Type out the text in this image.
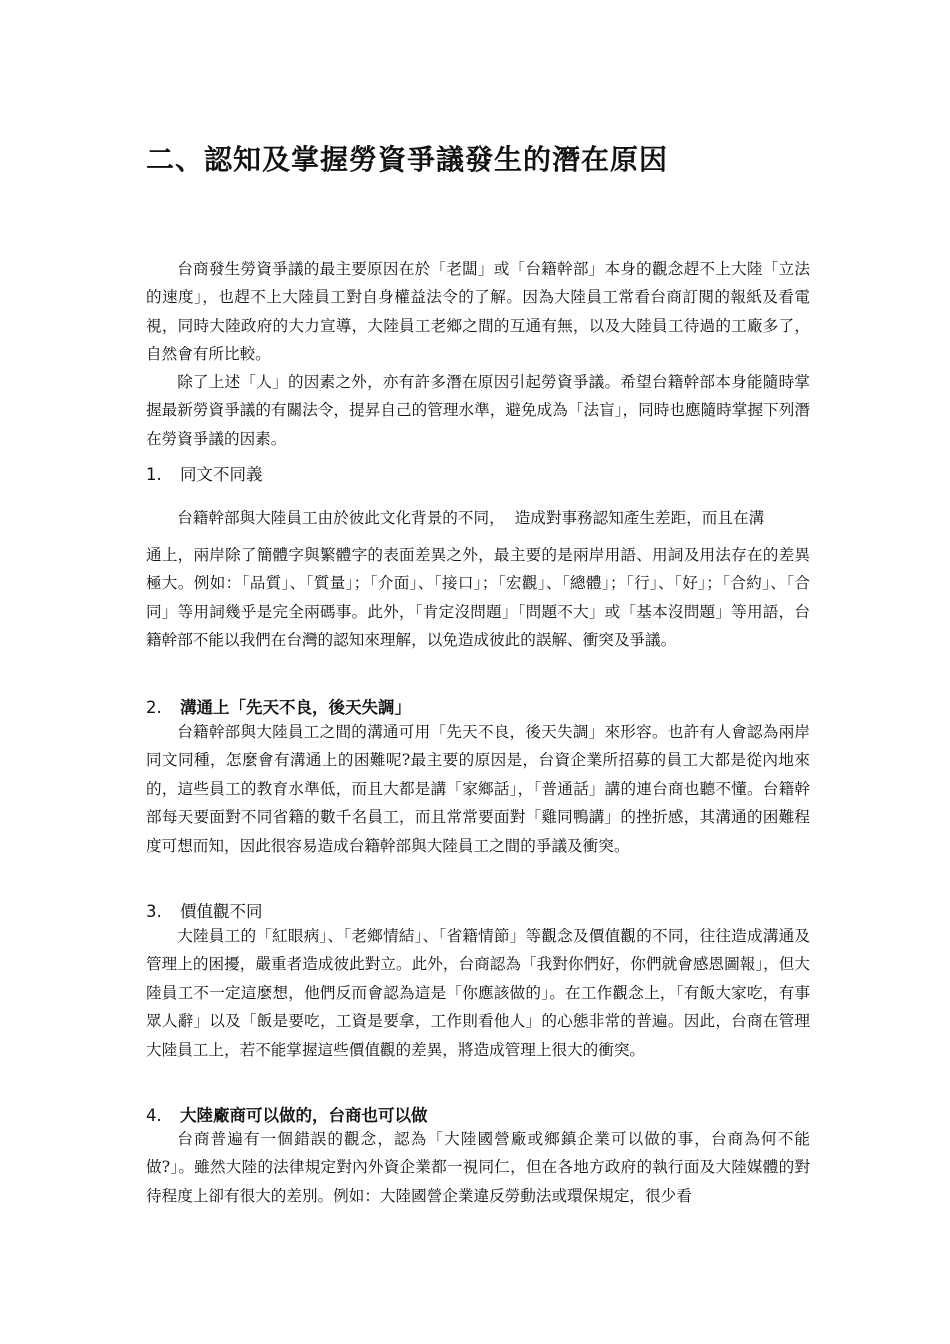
二、認知及掌握勞資爭議發生的潛在原因

台商發生勞資爭議的最主要原因在於「老闆」或「台籍幹部」本身的觀念趕不上大陸「立法的速度」，也趕不上大陸員工對自身權益法令的了解。因為大陸員工常看台商訂閱的報紙及看電視，同時大陸政府的大力宣導，大陸員工老鄉之間的互通有無，以及大陸員工待過的工廠多了，自然會有所比較。

除了上述「人」的因素之外，亦有許多潛在原因引起勞資爭議。希望台籍幹部本身能隨時掌握最新勞資爭議的有關法令，提昇自己的管理水準，避免成為「法盲」，同時也應隨時掌握下列潛在勞資爭議的因素。

1. 同文不同義

台籍幹部與大陸員工由於彼此文化背景的不同， 造成對事務認知產生差距，而且在溝

通上，兩岸除了簡體字與繁體字的表面差異之外，最主要的是兩岸用語、用詞及用法存在的差異極大。例如：「品質」、「質量」；「介面」、「接口」；「宏觀」、「總體」；「行」、「好」；「合約」、「合同」等用詞幾乎是完全兩碼事。此外，「肯定沒問題」「問題不大」或「基本沒問題」等用語，台籍幹部不能以我們在台灣的認知來理解，以免造成彼此的誤解、衝突及爭議。

2. 溝通上「先天不良，後天失調」

台籍幹部與大陸員工之間的溝通可用「先天不良，後天失調」來形容。也許有人會認為兩岸同文同種，怎麼會有溝通上的困難呢?最主要的原因是，台資企業所招募的員工大都是從內地來的，這些員工的教育水準低，而且大都是講「家鄉話」，「普通話」講的連台商也聽不懂。台籍幹部每天要面對不同省籍的數千名員工，而且常常要面對「雞同鴨講」的挫折感，其溝通的困難程度可想而知，因此很容易造成台籍幹部與大陸員工之間的爭議及衝突。

3. 價值觀不同

大陸員工的「紅眼病」、「老鄉情結」、「省籍情節」等觀念及價值觀的不同，往往造成溝通及管理上的困擾，嚴重者造成彼此對立。此外，台商認為「我對你們好，你們就會感恩圖報」，但大陸員工不一定這麼想，他們反而會認為這是「你應該做的」。在工作觀念上，「有飯大家吃，有事眾人辭」以及「飯是要吃，工資是要拿，工作則看他人」的心態非常的普遍。因此，台商在管理大陸員工上，若不能掌握這些價值觀的差異，將造成管理上很大的衝突。

4. 大陸廠商可以做的，台商也可以做

台商普遍有一個錯誤的觀念，認為「大陸國營廠或鄉鎮企業可以做的事，台商為何不能做?」。雖然大陸的法律規定對內外資企業都一視同仁，但在各地方政府的執行面及大陸媒體的對待程度上卻有很大的差別。例如：大陸國營企業違反勞動法或環保規定，很少看
